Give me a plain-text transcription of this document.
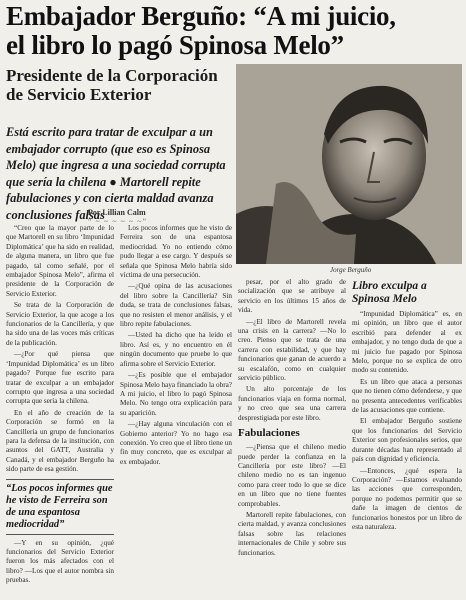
Embajador Berguño: “A mi juicio,
el libro lo pagó Spinosa Melo”
Presidente de la Corporación de Servicio Exterior
Está escrito para tratar de exculpar a un embajador corrupto (que eso es Spinosa Melo) que ingresa a una sociedad corrupta que sería la chilena ● Martorell repite fabulaciones y con cierta maldad avanza conclusiones falsas
Por Lillian Calm
“ ~ ~ ~ ~ ~ ~”
Jorge Berguño

“Creo que la mayor parte de lo que Martorell en su libro ‘Impunidad Diplomática’ que ha sido en realidad, de alguna manera, un libro que fue pagado, tal como señalé, por el embajador Spinosa Melo”, afirma el presidente de la Corporación de Servicio Exterior.

Se trata de la Corporación de Servicio Exterior, la que acoge a los funcionarios de la Cancillería, y que ha sido una de las voces más críticas de la publicación.

—¿Por qué piensa que ‘Impunidad Diplomática’ es un libro pagado? Porque fue escrito para tratar de exculpar a un embajador corrupto que ingresa a una sociedad corrupta que sería la chilena.

En el año de creación de la Corporación se formó en la Cancillería un grupo de funcionarios para la defensa de la institución, con asuntos del GATT, Australia y Canadá, y el embajador Berguño ha sido parte de esa gestión.

“Los pocos informes que he visto de Ferreira son de una espantosa mediocridad”

—Y en su opinión, ¿qué funcionarios del Servicio Exterior fueron los más afectados con el libro? —Los que el autor nombra sin pruebas.

Los pocos informes que he visto de Ferreira son de una espantosa mediocridad. Yo no entiendo cómo pudo llegar a ese cargo. Y después se señala que Spinosa Melo habría sido víctima de una persecución.

—¿Qué opina de las acusaciones del libro sobre la Cancillería? Sin duda, se trata de conclusiones falsas, que no resisten el menor análisis, y el libro repite fabulaciones.

—Usted ha dicho que ha leído el libro. Así es, y no encuentro en él ningún documento que pruebe lo que afirma sobre el Servicio Exterior.

—¿Es posible que el embajador Spinosa Melo haya financiado la obra? A mi juicio, el libro lo pagó Spinosa Melo. No tengo otra explicación para su aparición.

—¿Hay alguna vinculación con el Gobierno anterior? Yo no hago esa conexión. Yo creo que el libro tiene un fin muy concreto, que es exculpar al ex embajador.

pesar, por el alto grado de socialización que se atribuye al servicio en los últimos 15 años de vida.

—¿El libro de Martorell revela una crisis en la carrera? —No lo creo. Pienso que se trata de una carrera con estabilidad, y que hay funcionarios que ganan de acuerdo a su escalafón, como en cualquier servicio público.

Un alto porcentaje de los funcionarios viaja en forma normal, y no creo que sea una carrera desprestigiada por este libro.

Fabulaciones

—¿Piensa que el chileno medio puede perder la confianza en la Cancillería por este libro? —El chileno medio no es tan ingenuo como para creer todo lo que se dice en un libro que no tiene fuentes comprobables.

Martorell repite fabulaciones, con cierta maldad, y avanza conclusiones falsas sobre las relaciones internacionales de Chile y sobre sus funcionarios.

Libro exculpa a Spinosa Melo

“Impunidad Diplomática” es, en mi opinión, un libro que el autor escribió para defender al ex embajador, y no tengo duda de que a mi juicio fue pagado por Spinosa Melo, porque no se explica de otro modo su contenido.

Es un libro que ataca a personas que no tienen cómo defenderse, y que no presenta antecedentes verificables de las acusaciones que contiene.

El embajador Berguño sostiene que los funcionarios del Servicio Exterior son profesionales serios, que durante décadas han representado al país con dignidad y eficiencia.

—Entonces, ¿qué espera la Corporación? —Estamos evaluando las acciones que corresponden, porque no podemos permitir que se dañe la imagen de cientos de funcionarios honestos por un libro de esta naturaleza.
